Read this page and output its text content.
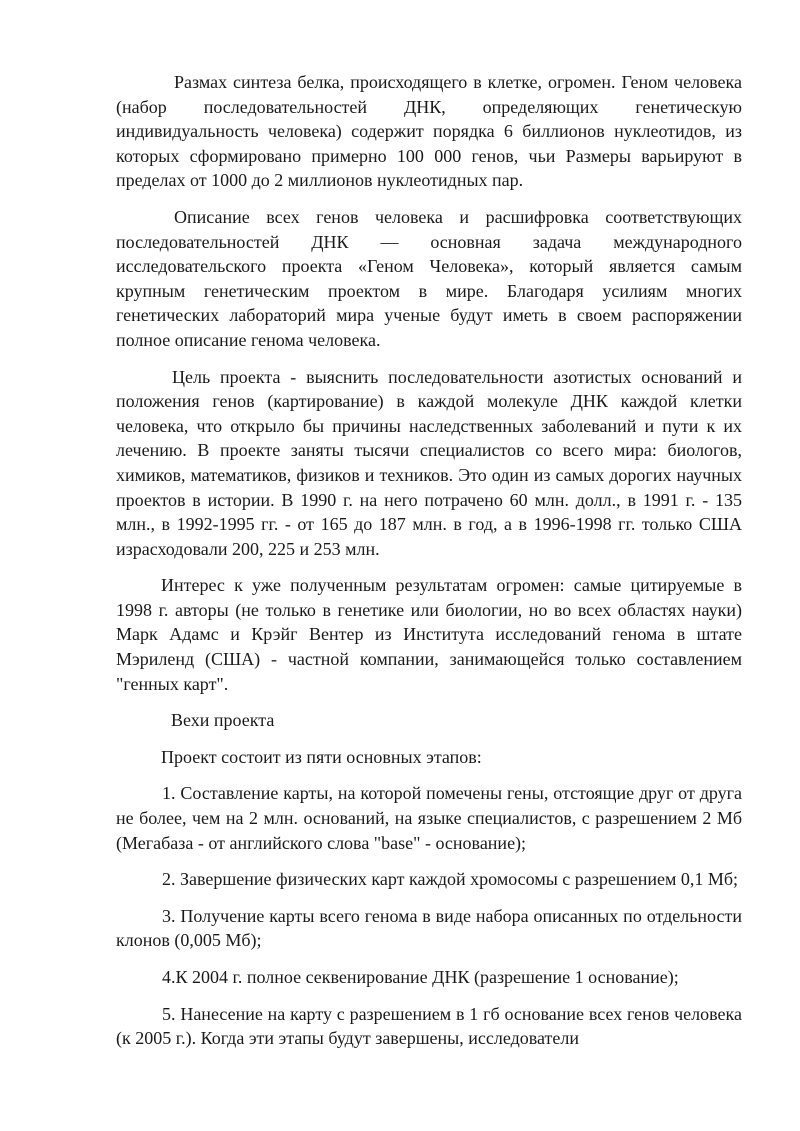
Размах синтеза белка, происходящего в клетке, огромен. Геном человека (набор последовательностей ДНК, определяющих генетическую индивидуальность человека) содержит порядка 6 биллионов нуклеотидов, из которых сформировано примерно 100 000 генов, чьи Размеры варьируют в пределах от 1000 до 2 миллионов нуклеотидных пар.

Описание всех генов человека и расшифровка соответствующих последовательностей ДНК — основная задача международного исследовательского проекта «Геном Человека», который является самым крупным генетическим проектом в мире. Благодаря усилиям многих генетических лабораторий мира ученые будут иметь в своем распоряжении полное описание генома человека.

Цель проекта - выяснить последовательности азотистых оснований и положения генов (картирование) в каждой молекуле ДНК каждой клетки человека, что открыло бы причины наследственных заболеваний и пути к их лечению. В проекте заняты тысячи специалистов со всего мира: биологов, химиков, математиков, физиков и техников. Это один из самых дорогих научных проектов в истории. В 1990 г. на него потрачено 60 млн. долл., в 1991 г. - 135 млн., в 1992-1995 гг. - от 165 до 187 млн. в год, а в 1996-1998 гг. только США израсходовали 200, 225 и 253 млн.

Интерес к уже полученным результатам огромен: самые цитируемые в 1998 г. авторы (не только в генетике или биологии, но во всех областях науки) Марк Адамс и Крэйг Вентер из Института исследований генома в штате Мэриленд (США) - частной компании, занимающейся только составлением "генных карт".

Вехи проекта

Проект состоит из пяти основных этапов:

1. Составление карты, на которой помечены гены, отстоящие друг от друга не более, чем на 2 млн. оснований, на языке специалистов, с разрешением 2 Мб (Мегабаза - от английского слова "base" - основание);

2. Завершение физических карт каждой хромосомы с разрешением 0,1 Мб;

3. Получение карты всего генома в виде набора описанных по отдельности клонов (0,005 Мб);

4.К 2004 г. полное секвенирование ДНК (разрешение 1 основание);

5. Нанесение на карту с разрешением в 1 гб основание всех генов человека (к 2005 г.). Когда эти этапы будут завершены, исследователи
